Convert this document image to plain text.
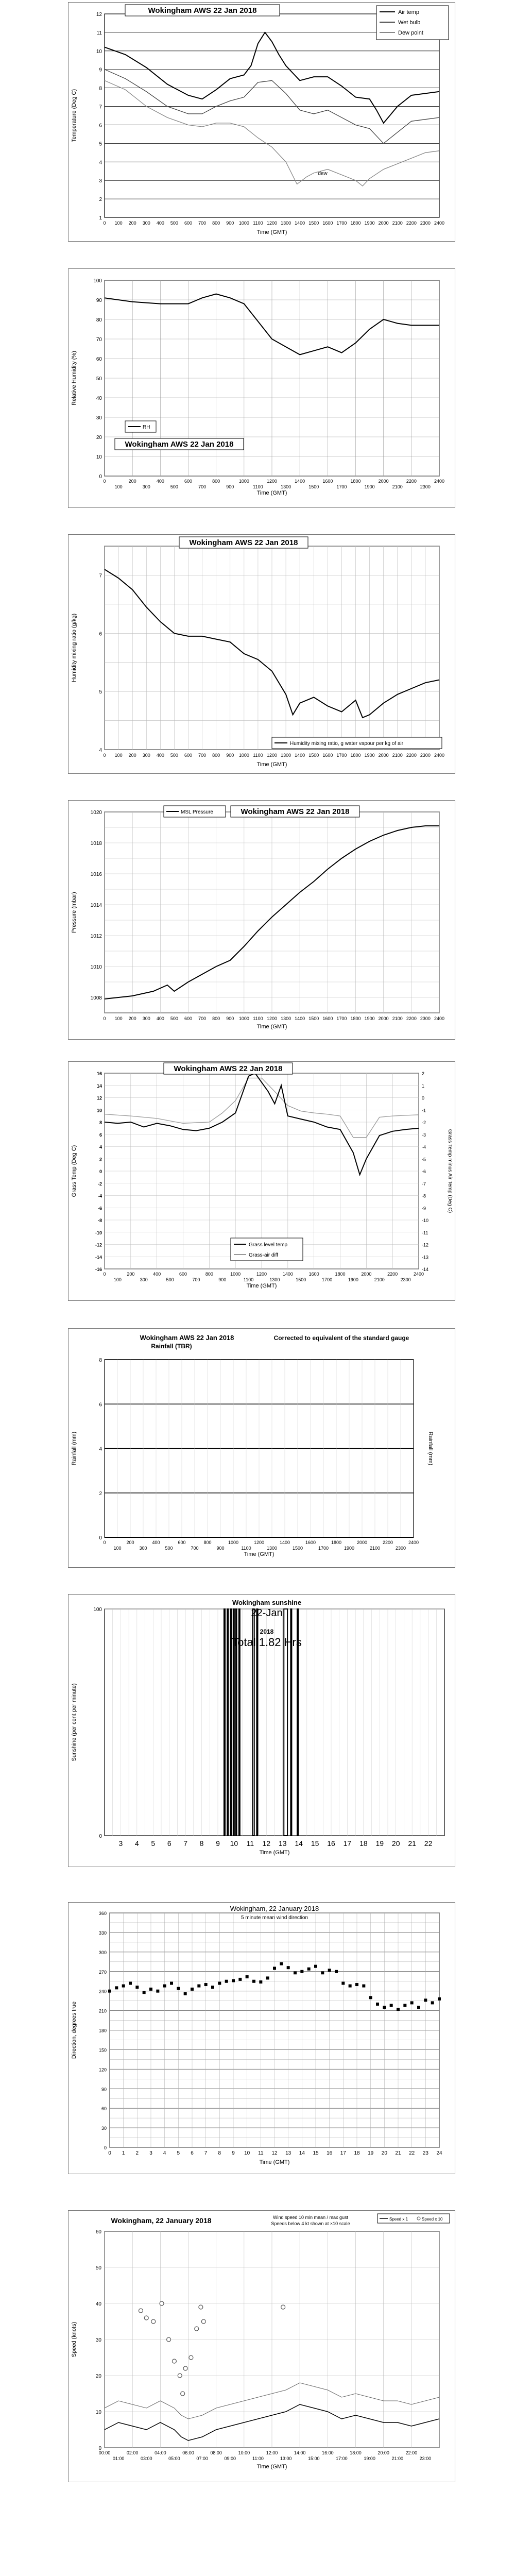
1
2
3
4
5
6
7
8
9
10
11
12
0 100 200 300 400 500 600 700 800 900 1000 1100 1200 1300 1400 1500 1600 1700 1800 1900 2000 2100 2200 2300 2400
dew
Wokingham AWS 22 Jan 2018	Air temp
Wet bulb
Dew point
Time (GMT)
Temperature (Deg C)
0
10
20
30
40
50
60
70
80
90
100
0	200	400	600	800	1000	1200	1400	1600	1800	2000	2200	2400
100	300	500	700	900	1100	1300	1500	1700	1900	2100	2300
RH
Wokingham AWS 22 Jan 2018
Time (GMT)
Relative Humidity (%)
4
5
6
7
0 100 200 300 400 500 600 700 800 900 1000 1100 1200 1300 1400 1500 1600 1700 1800 1900 2000 2100 2200 2300 2400
Wokingham AWS 22 Jan 2018
Humidity mixing ratio, g water vapour per kg of air
Time (GMT)
Humidity mixing ratio (g/kg)
1008
1010
1012
1014
1016
1018
1020
0 100 200 300 400 500 600 700 800 900 1000 1100 1200 1300 1400 1500 1600 1700 1800 1900 2000 2100 2200 2300 2400
MSL Pressure	Wokingham AWS 22 Jan 2018
Time (GMT)
Pressure (mbar)
-16	-14
-14	-13
-12	-12
-10	-11
-8	-10
-6	-9
-4	-8
-2	-7
0	-6
2	-5
4	-4
6	-3
8	-2
10	-1
12	0
14	1
16	2
0	200	400	600	800	1000	1200	1400	1600	1800	2000	2200	2400
100	300	500	700	900	1100	1300	1500	1700	1900	2100	2300
Wokingham AWS 22 Jan 2018
Grass level temp
Grass-air diff
Time (GMT)
Grass Temp (Deg C)	Grass Temp minus Air Temp (Deg C)
0
2
4
6
8
0	200	400	600	800	1000	1200	1400	1600	1800	2000	2200	2400
100	300	500	700	900	1100	1300	1500	1700	1900	2100	2300
Wokingham AWS 22 Jan 2018
Rainfall (TBR)
Corrected to equivalent of the standard gauge
Time (GMT)
Rainfall (mm)	Rainfall (mm)
100
0
3 4 5 6 7 8 9 10 11 12 13 14 15 16 17 18 19 20 21 22
Wokingham sunshine
22-Jan
2018
Total 1.82 Hrs
Time (GMT)
Sunshine (per cent per minute)
0
30
60
90
120
150
180
210
240
270
300
330
360
0 1 2 3 4 5 6 7 8 9 10 11 12 13 14 15 16 17 18 19 20 21 22 23 24
Wokingham, 22 January 2018
5 minute mean wind direction
Time (GMT)
Direction, degrees true
0
10
20
30
40
50
60
00:00	02:00	04:00	06:00	08:00	10:00	12:00	14:00	16:00	18:00	20:00	22:00
01:00	03:00	05:00	07:00	09:00	11:00	13:00	15:00	17:00	19:00	21:00	23:00
Wokingham, 22 January 2018	Wind speed 10 min mean / max gust
Speeds below 4 kt shown at ×10 scale
Speed x 1	Speed x 10
Time (GMT)
Speed (knots)
